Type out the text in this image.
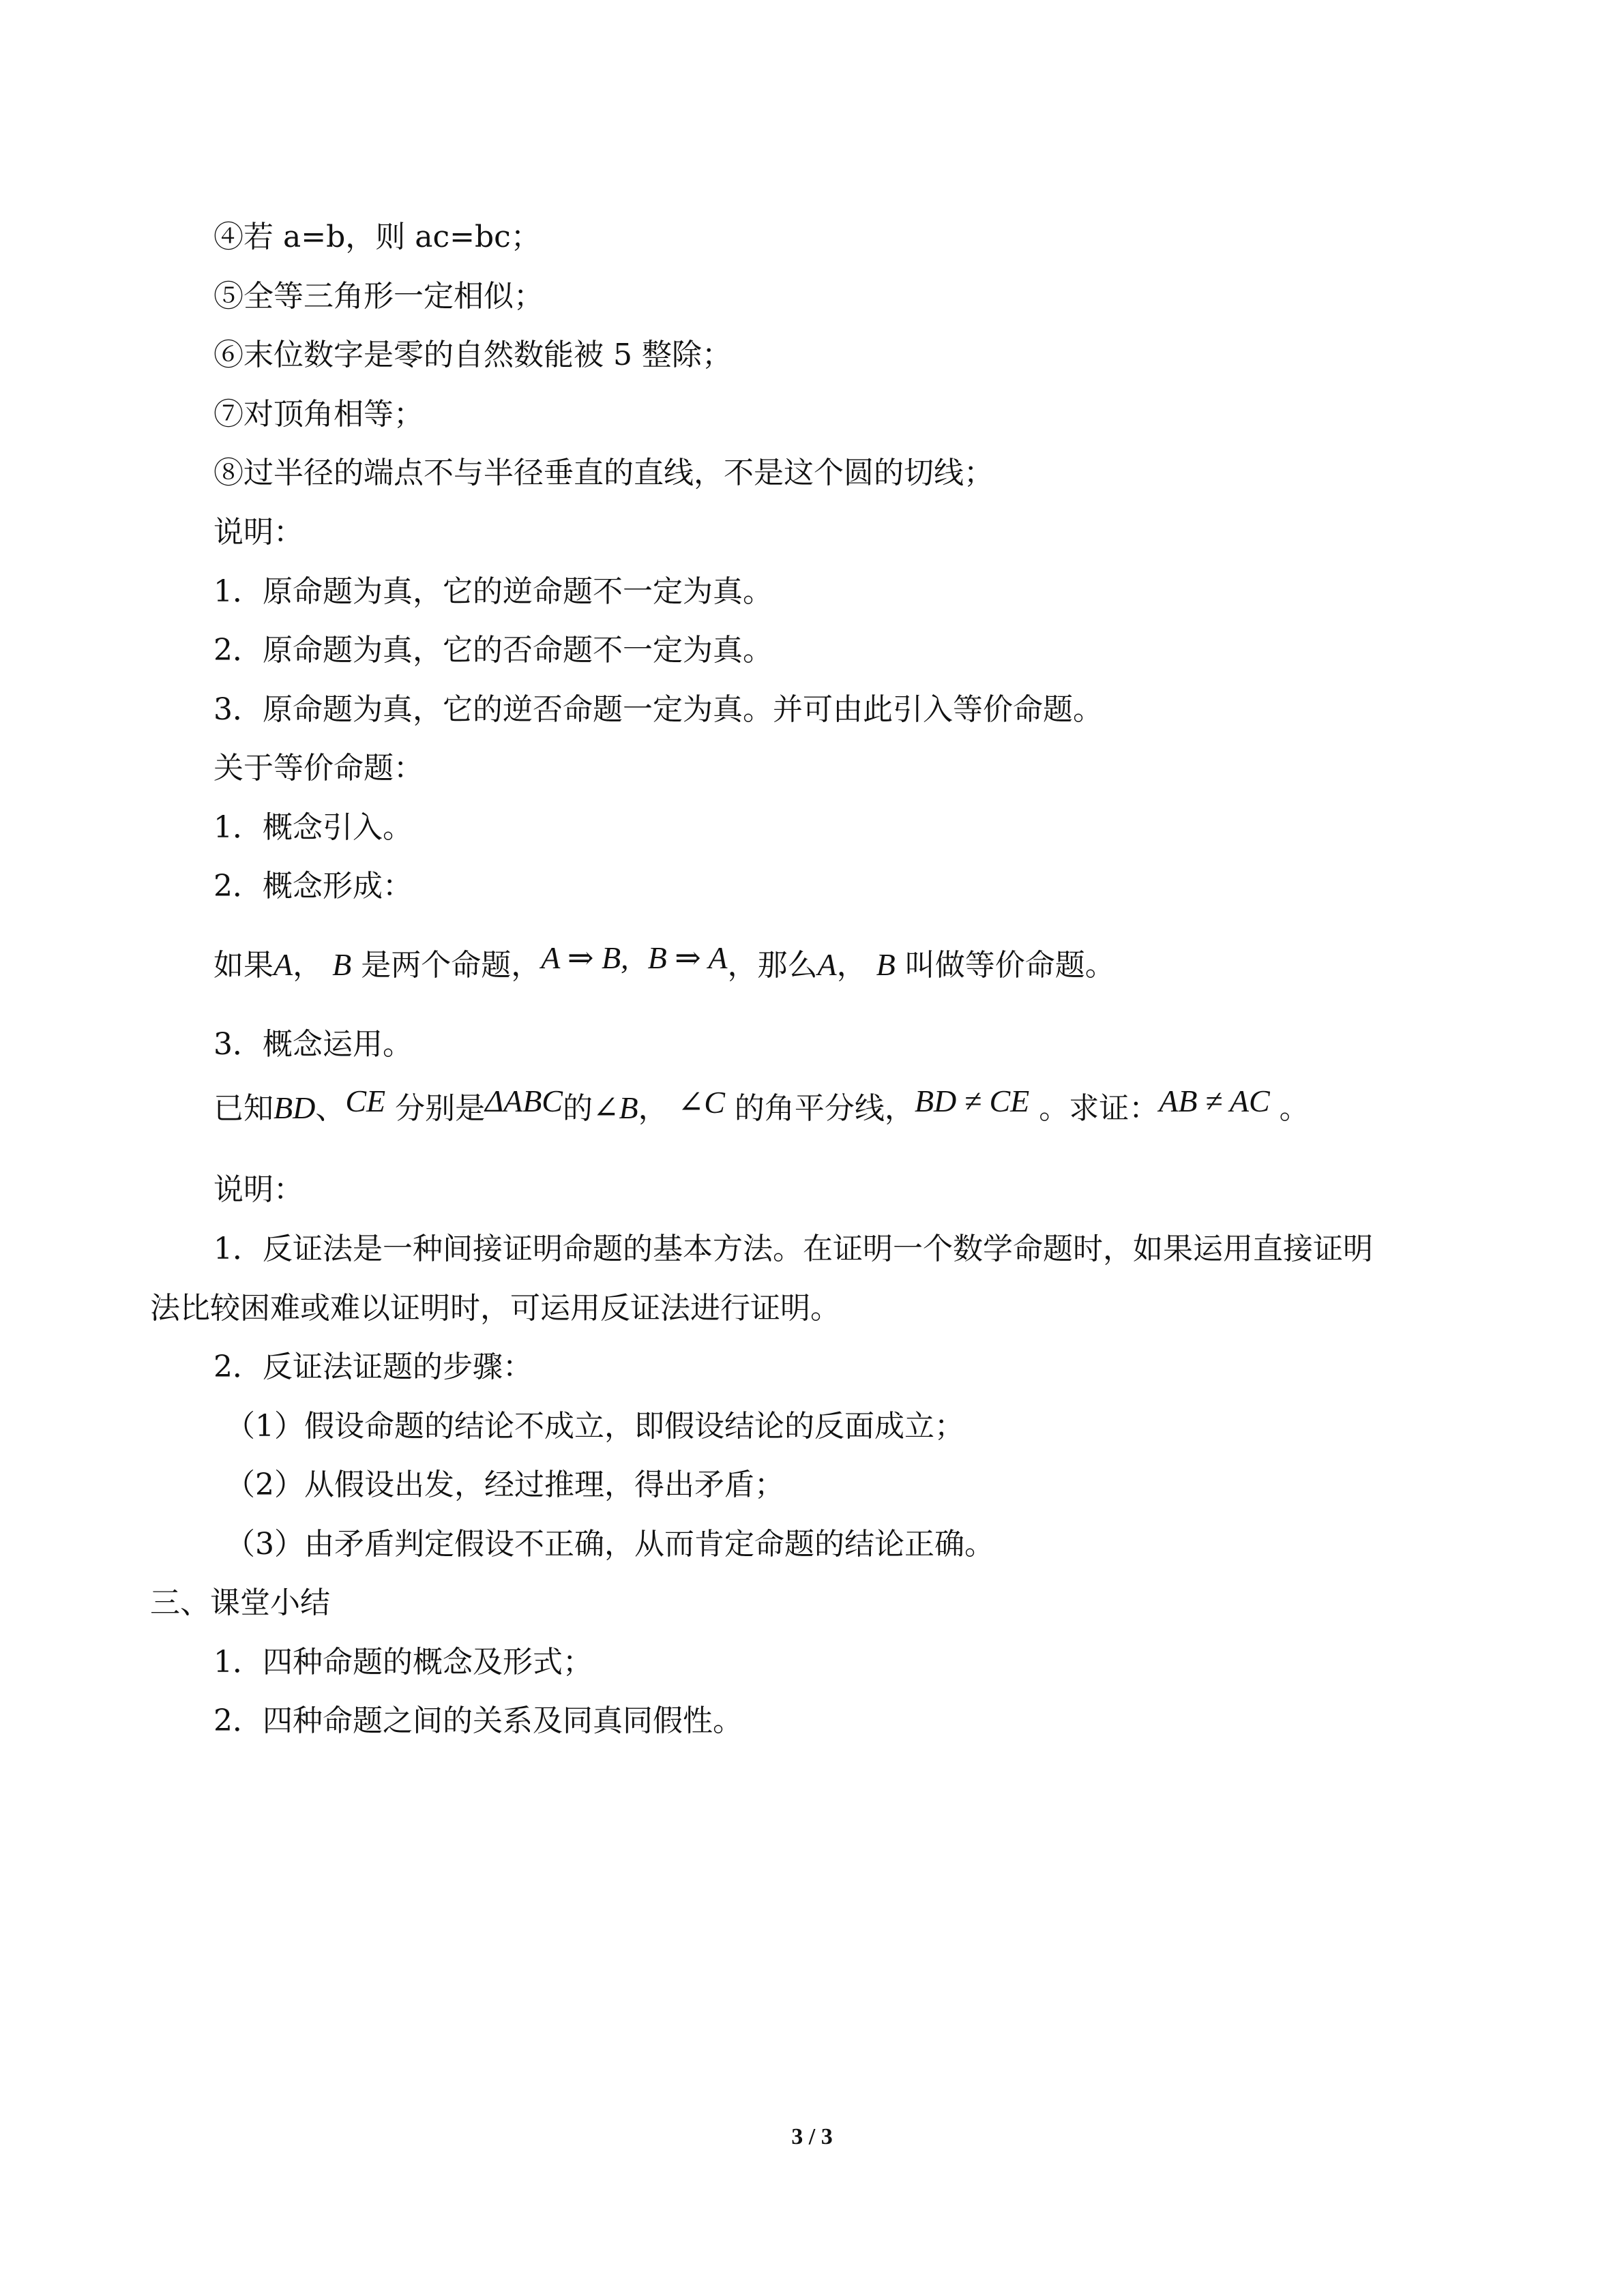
④若 a=b，则 ac=bc；
⑤全等三角形一定相似；
⑥末位数字是零的自然数能被 5 整除；
⑦对顶角相等；
⑧过半径的端点不与半径垂直的直线，不是这个圆的切线；
说明：
1．原命题为真，它的逆命题不一定为真。
2．原命题为真，它的否命题不一定为真。
3．原命题为真，它的逆否命题一定为真。并可由此引入等价命题。
关于等价命题：
1．概念引入。
2．概念形成：
如果A， B 是两个命题，A ⇒ B, B ⇒ A，那么A， B 叫做等价命题。
3．概念运用。
已知BD、CE 分别是ΔABC的∠B， ∠C 的角平分线，BD ≠ CE 。求证：AB ≠ AC 。
说明：
1．反证法是一种间接证明命题的基本方法。在证明一个数学命题时，如果运用直接证明
法比较困难或难以证明时，可运用反证法进行证明。
2．反证法证题的步骤：
（1）假设命题的结论不成立，即假设结论的反面成立；
（2）从假设出发，经过推理，得出矛盾；
（3）由矛盾判定假设不正确，从而肯定命题的结论正确。
三、课堂小结
1．四种命题的概念及形式；
2．四种命题之间的关系及同真同假性。
3 / 3
